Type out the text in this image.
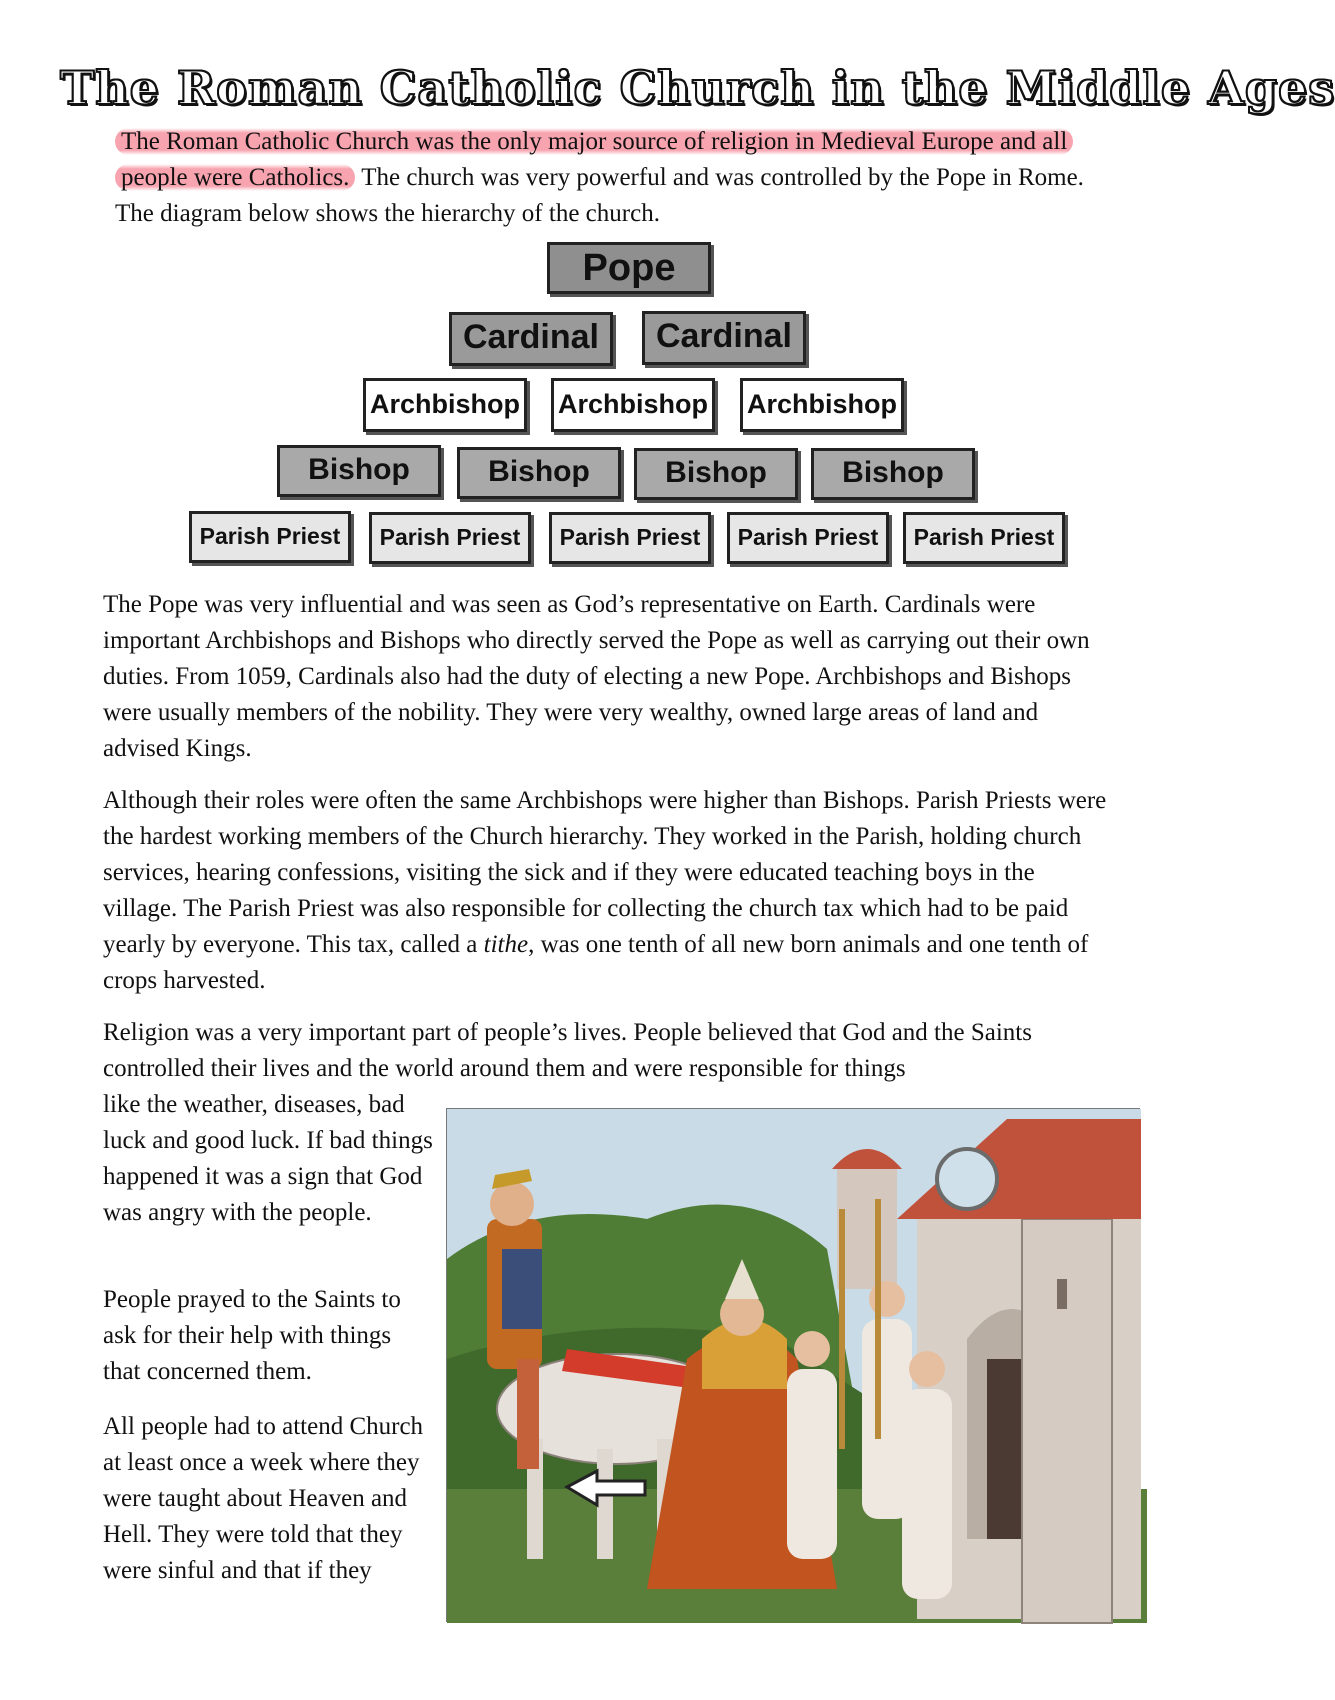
The Roman Catholic Church in the Middle Ages

The Roman Catholic Church was the only major source of religion in Medieval Europe and all people were Catholics. The church was very powerful and was controlled by the Pope in Rome. The diagram below shows the hierarchy of the church.

Pope
Cardinal	Cardinal
Archbishop Archbishop Archbishop
Bishop	Bishop	Bishop	Bishop
Parish Priest	Parish Priest	Parish Priest	Parish Priest	Parish Priest

The Pope was very influential and was seen as God’s representative on Earth. Cardinals were important Archbishops and Bishops who directly served the Pope as well as carrying out their own duties. From 1059, Cardinals also had the duty of electing a new Pope. Archbishops and Bishops were usually members of the nobility. They were very wealthy, owned large areas of land and advised Kings.

Although their roles were often the same Archbishops were higher than Bishops. Parish Priests were the hardest working members of the Church hierarchy. They worked in the Parish, holding church services, hearing confessions, visiting the sick and if they were educated teaching boys in the village. The Parish Priest was also responsible for collecting the church tax which had to be paid yearly by everyone. This tax, called a tithe, was one tenth of all new born animals and one tenth of crops harvested.

Religion was a very important part of people’s lives. People believed that God and the Saints controlled their lives and the world around them and were responsible for things

like the weather, diseases, bad luck and good luck. If bad things happened it was a sign that God was angry with the people.

People prayed to the Saints to ask for their help with things that concerned them.

All people had to attend Church at least once a week where they were taught about Heaven and Hell. They were told that they were sinful and that if they
